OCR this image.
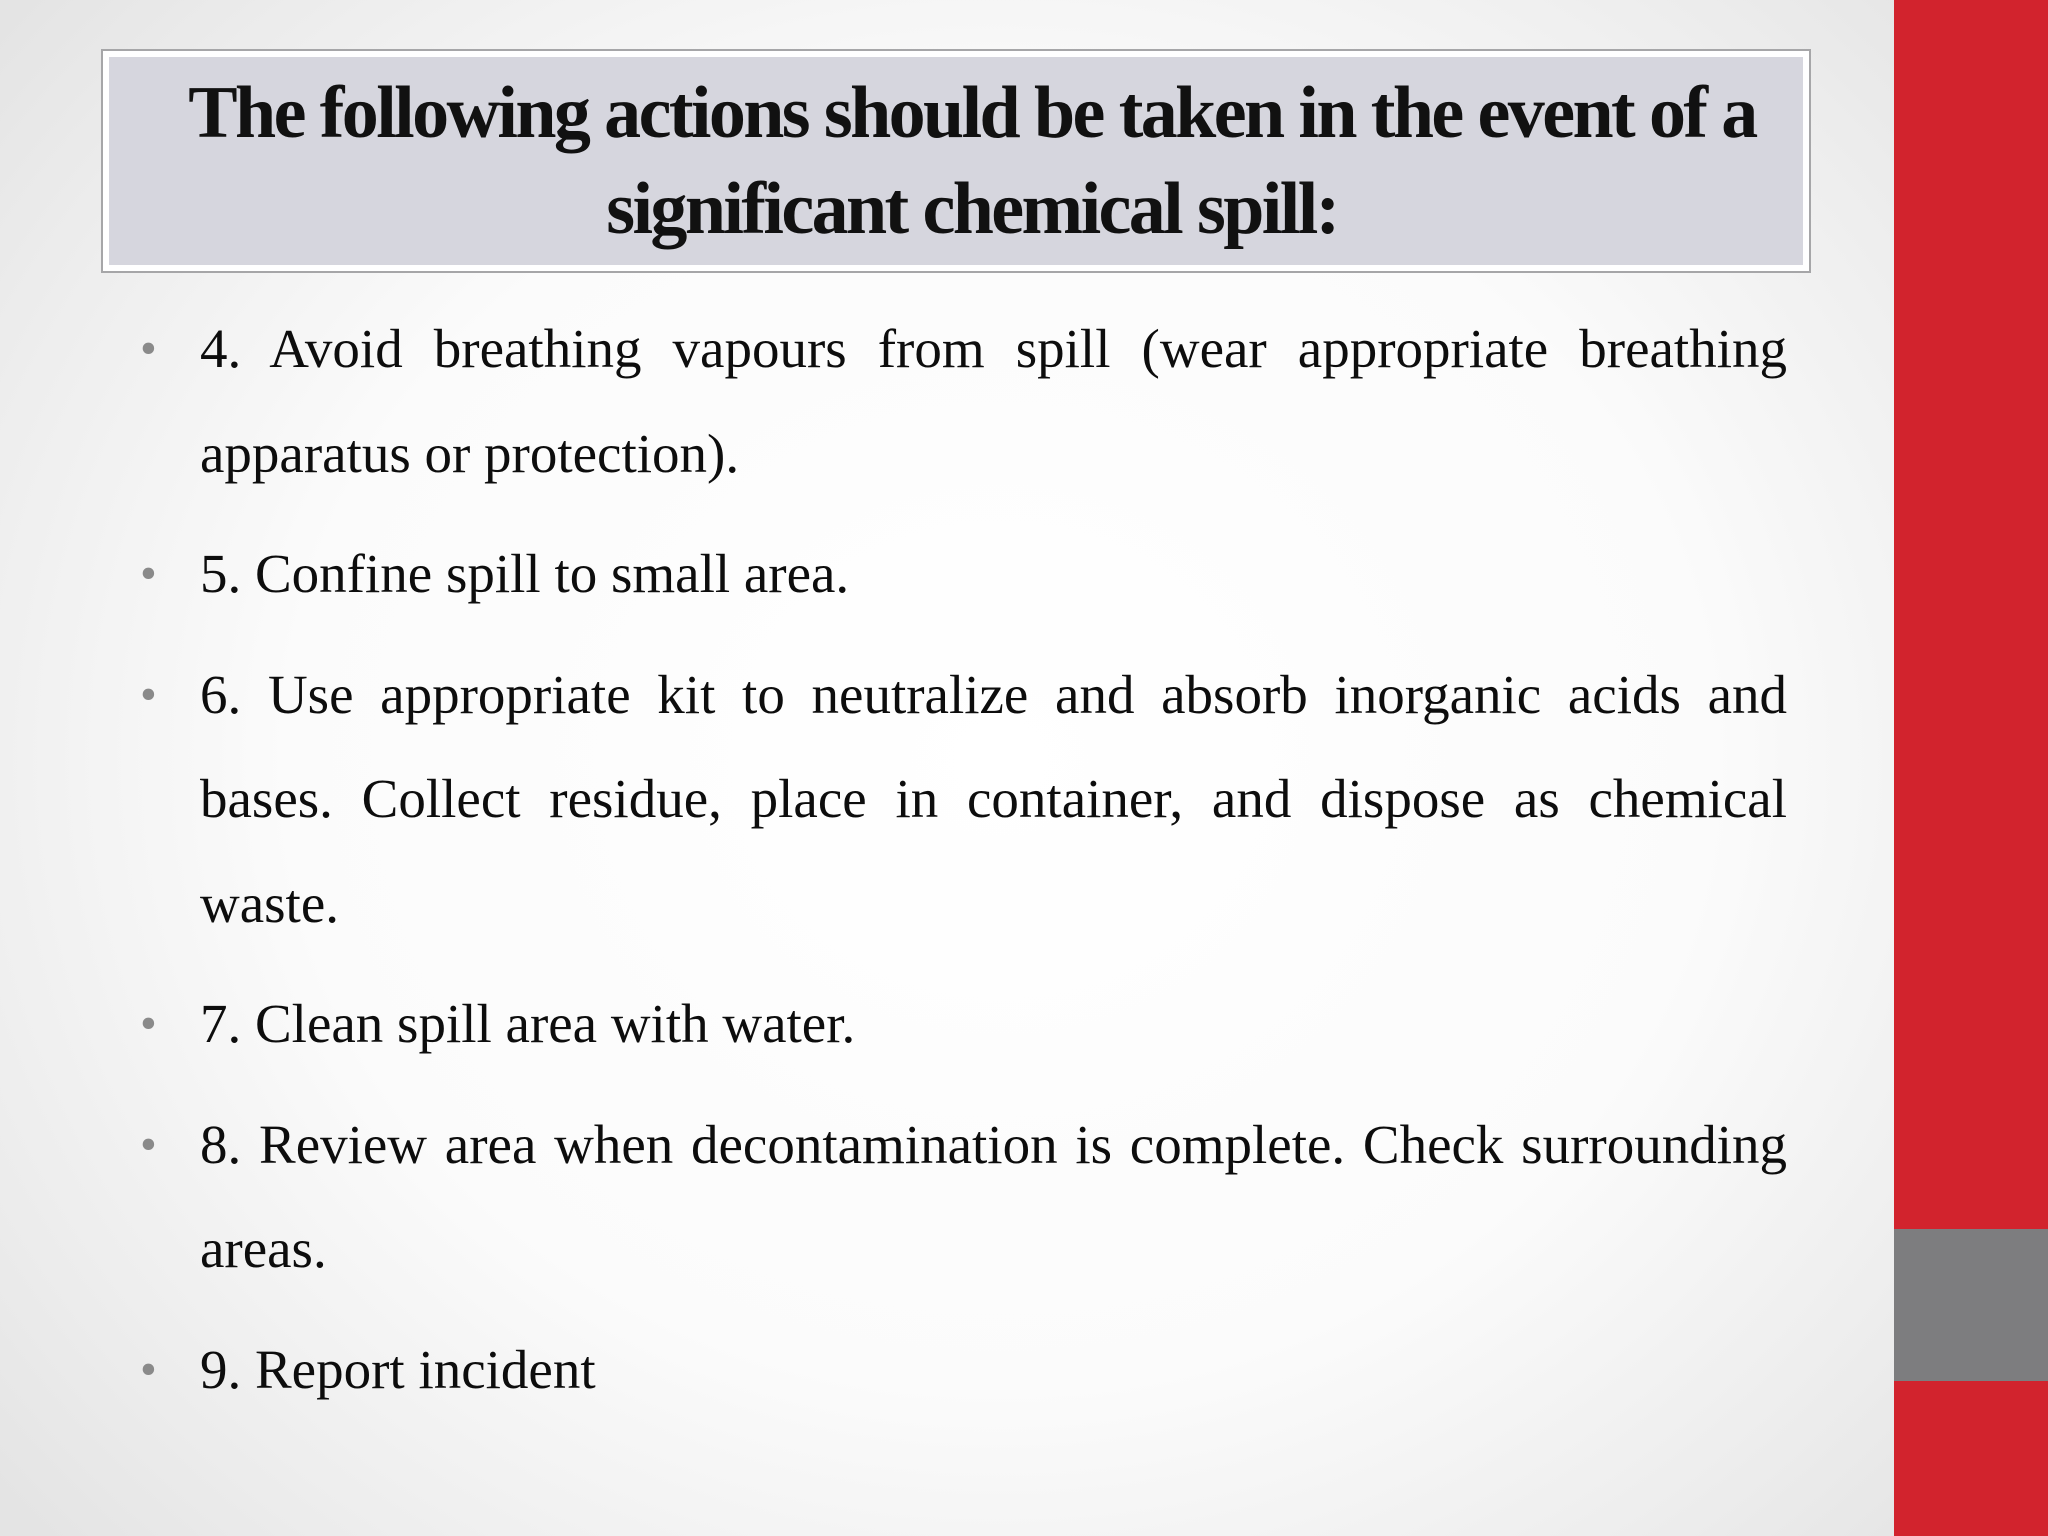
The following actions should be taken in the event of a significant chemical spill:
• 4. Avoid breathing vapours from spill (wear appropriate breathing apparatus or protection).
• 5. Confine spill to small area.
• 6. Use appropriate kit to neutralize and absorb inorganic acids and bases. Collect residue, place in container, and dispose as chemical waste.
• 7. Clean spill area with water.
• 8. Review area when decontamination is complete. Check surrounding areas.
• 9. Report incident
